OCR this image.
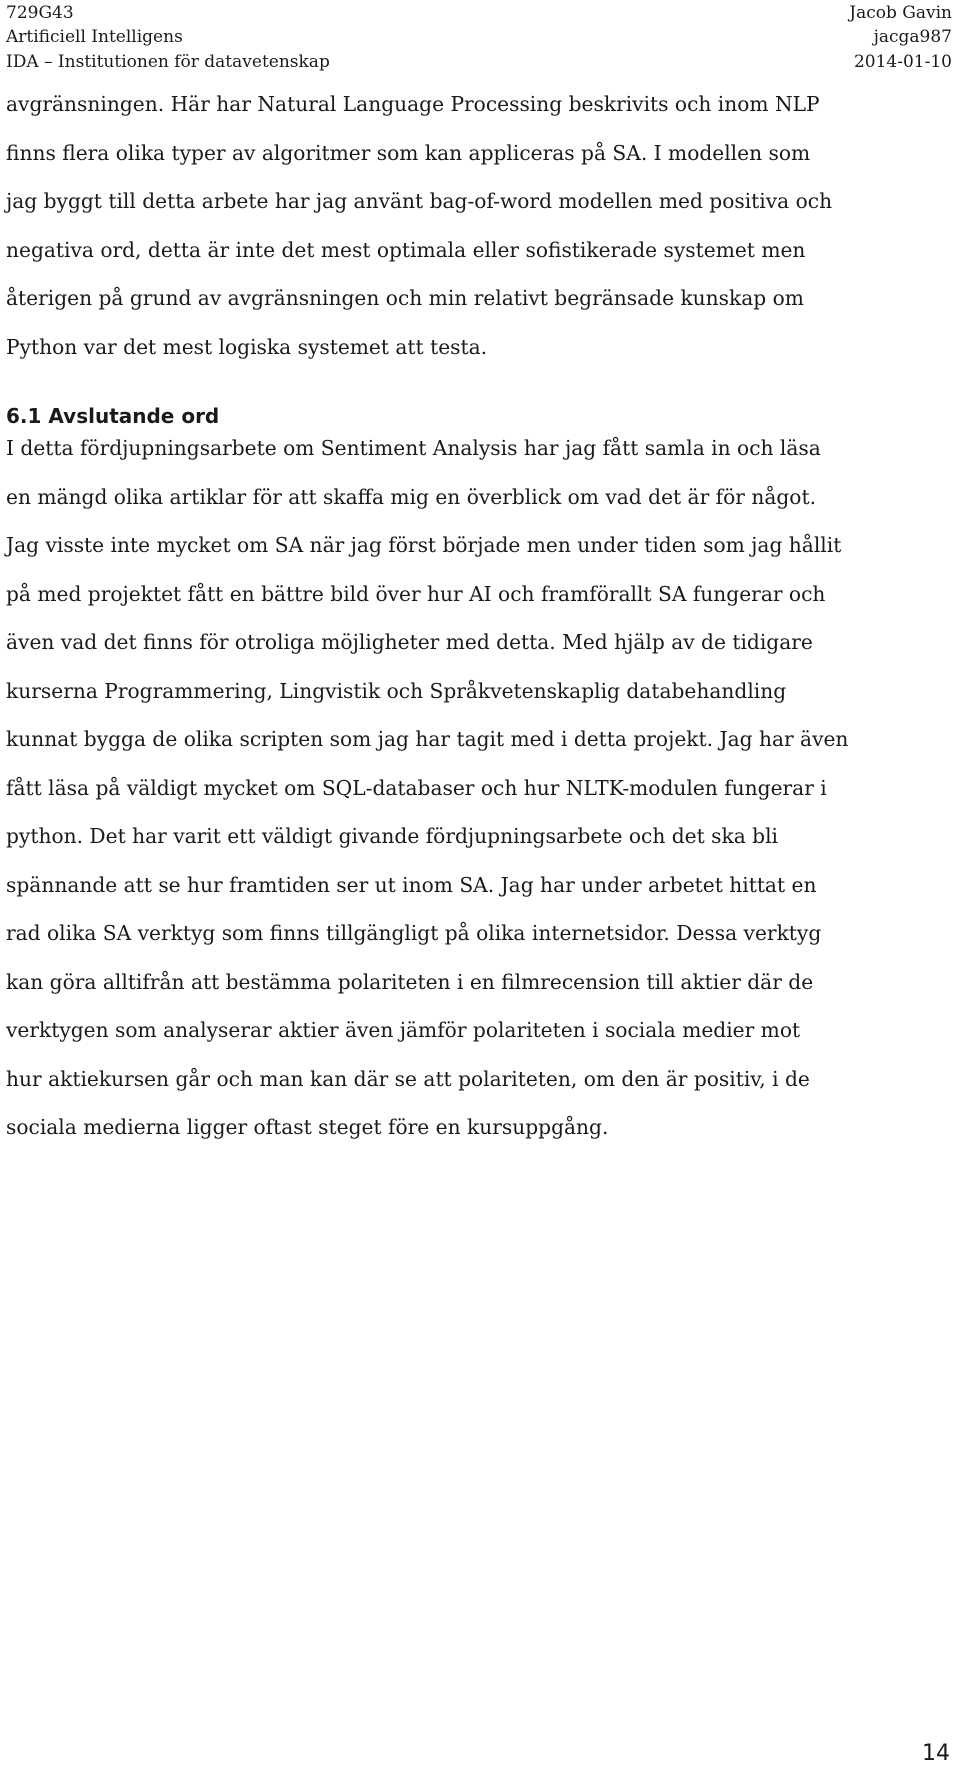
729G43	Jacob Gavin
Artificiell Intelligens	jacga987
IDA – Institutionen för datavetenskap	2014-01-10
avgränsningen. Här har Natural Language Processing beskrivits och inom NLP
finns flera olika typer av algoritmer som kan appliceras på SA. I modellen som
jag byggt till detta arbete har jag använt bag-of-word modellen med positiva och
negativa ord, detta är inte det mest optimala eller sofistikerade systemet men
återigen på grund av avgränsningen och min relativt begränsade kunskap om
Python var det mest logiska systemet att testa.
6.1 Avslutande ord
I detta fördjupningsarbete om Sentiment Analysis har jag fått samla in och läsa
en mängd olika artiklar för att skaffa mig en överblick om vad det är för något.
Jag visste inte mycket om SA när jag först började men under tiden som jag hållit
på med projektet fått en bättre bild över hur AI och framförallt SA fungerar och
även vad det finns för otroliga möjligheter med detta. Med hjälp av de tidigare
kurserna Programmering, Lingvistik och Språkvetenskaplig databehandling
kunnat bygga de olika scripten som jag har tagit med i detta projekt. Jag har även
fått läsa på väldigt mycket om SQL-databaser och hur NLTK-modulen fungerar i
python. Det har varit ett väldigt givande fördjupningsarbete och det ska bli
spännande att se hur framtiden ser ut inom SA. Jag har under arbetet hittat en
rad olika SA verktyg som finns tillgängligt på olika internetsidor. Dessa verktyg
kan göra alltifrån att bestämma polariteten i en filmrecension till aktier där de
verktygen som analyserar aktier även jämför polariteten i sociala medier mot
hur aktiekursen går och man kan där se att polariteten, om den är positiv, i de
sociala medierna ligger oftast steget före en kursuppgång.
14
